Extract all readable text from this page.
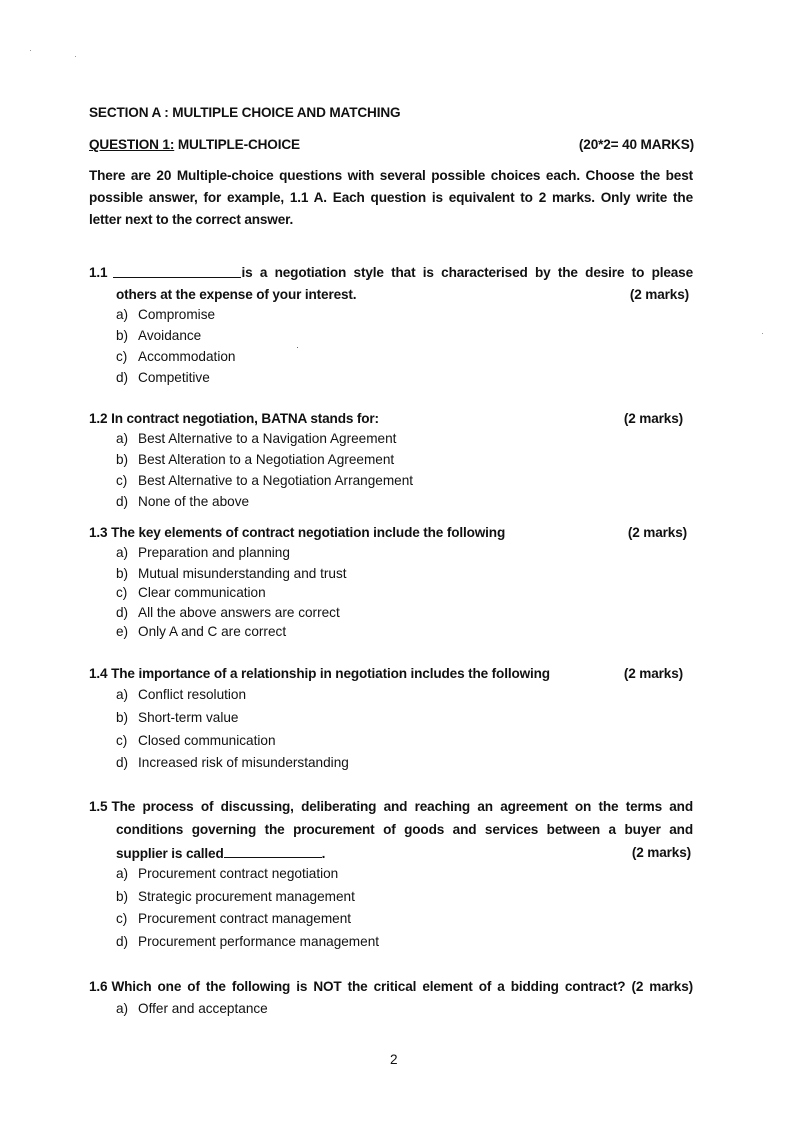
SECTION A : MULTIPLE CHOICE AND MATCHING
QUESTION 1: MULTIPLE-CHOICE	(20*2= 40 MARKS)
There are 20 Multiple-choice questions with several possible choices each. Choose the best
possible answer, for example, 1.1 A. Each question is equivalent to 2 marks. Only write the
letter next to the correct answer.
1.1	is a negotiation style that is characterised by the desire to please
others at the expense of your interest.	(2 marks)
a) Compromise
b) Avoidance
c) Accommodation
d) Competitive
1.2 In contract negotiation, BATNA stands for:	(2 marks)
a) Best Alternative to a Navigation Agreement
b) Best Alteration to a Negotiation Agreement
c) Best Alternative to a Negotiation Arrangement
d) None of the above
1.3 The key elements of contract negotiation include the following	(2 marks)
a) Preparation and planning
b) Mutual misunderstanding and trust
c) Clear communication
d) All the above answers are correct
e) Only A and C are correct
1.4 The importance of a relationship in negotiation includes the following	(2 marks)
a) Conflict resolution
b) Short-term value
c) Closed communication
d) Increased risk of misunderstanding
1.5 The process of discussing, deliberating and reaching an agreement on the terms and
conditions governing the procurement of goods and services between a buyer and
supplier is called	.	(2 marks)
a) Procurement contract negotiation
b) Strategic procurement management
c) Procurement contract management
d) Procurement performance management
1.6 Which one of the following is NOT the critical element of a bidding contract? (2 marks)
a) Offer and acceptance
2
